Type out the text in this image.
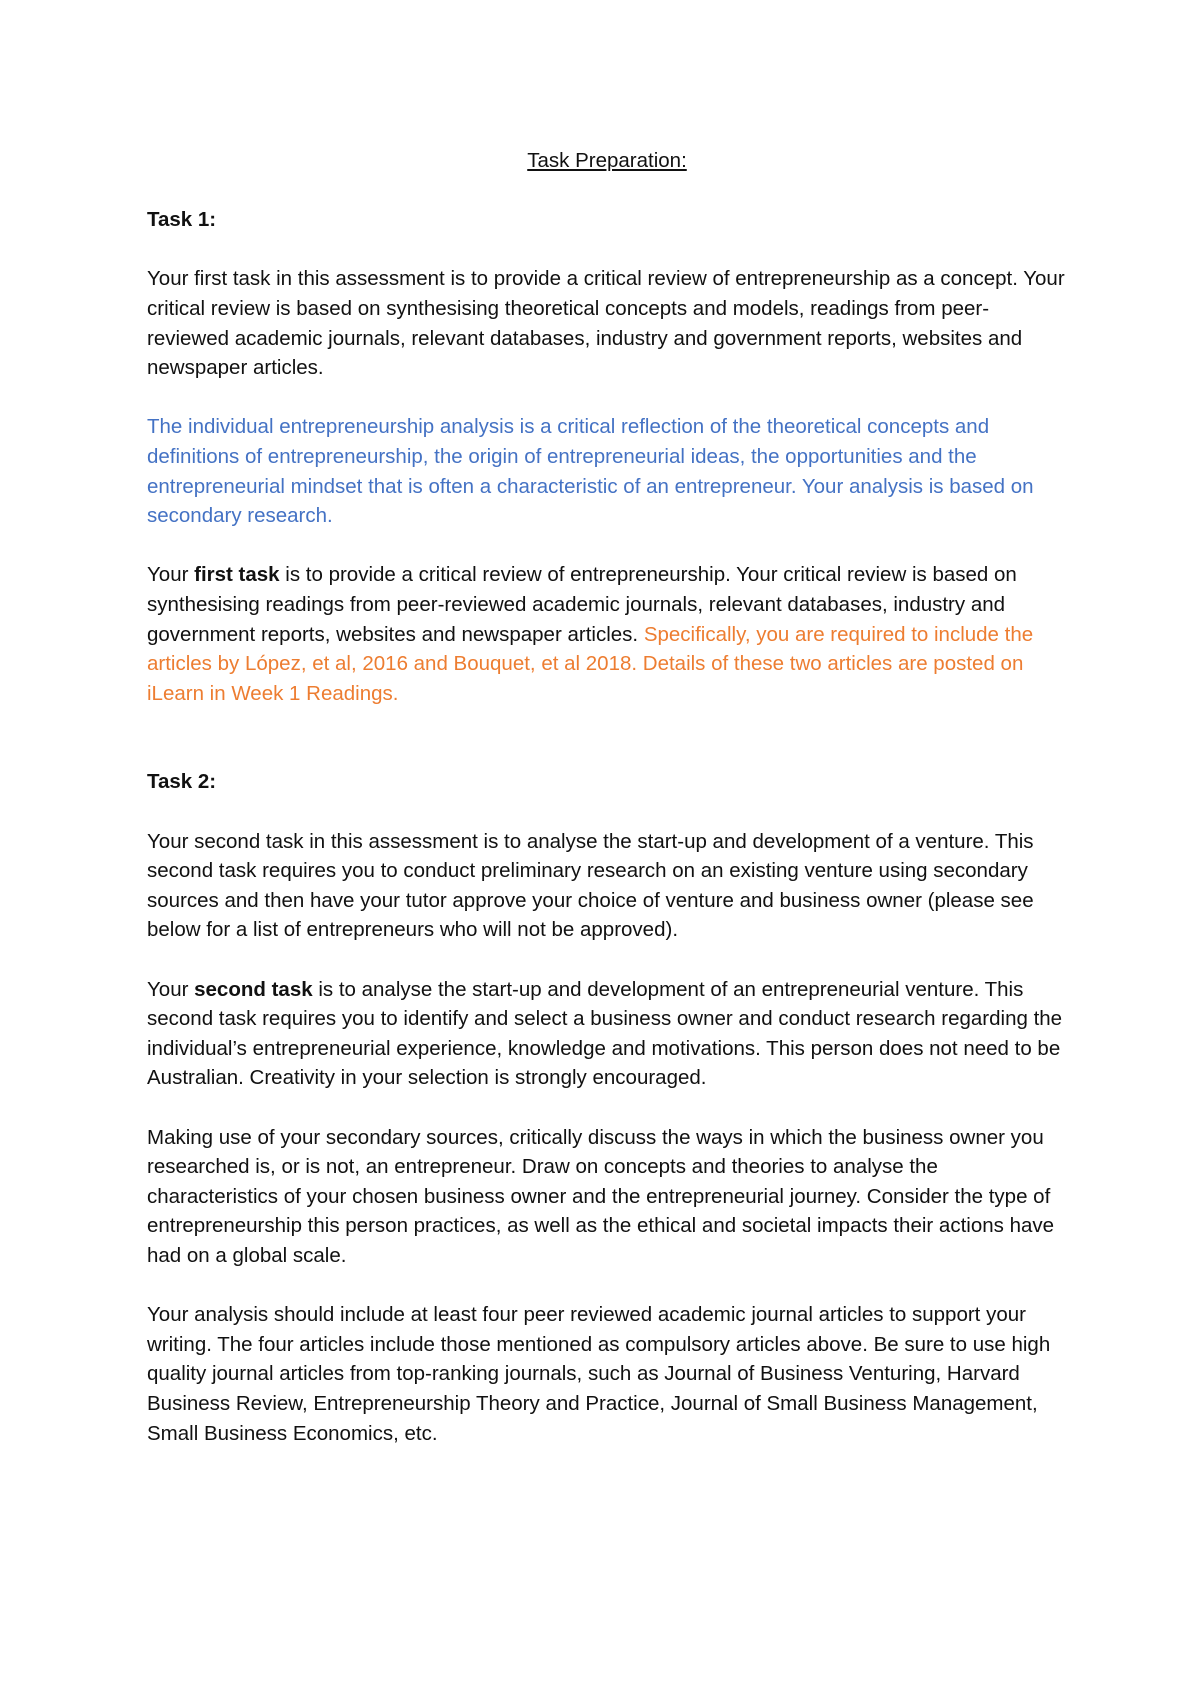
Task Preparation:
Task 1:

Your first task in this assessment is to provide a critical review of entrepreneurship as a concept. Your critical review is based on synthesising theoretical concepts and models, readings from peer-reviewed academic journals, relevant databases, industry and government reports, websites and newspaper articles.

The individual entrepreneurship analysis is a critical reflection of the theoretical concepts and definitions of entrepreneurship, the origin of entrepreneurial ideas, the opportunities and the entrepreneurial mindset that is often a characteristic of an entrepreneur. Your analysis is based on secondary research.

Your first task is to provide a critical review of entrepreneurship. Your critical review is based on synthesising readings from peer-reviewed academic journals, relevant databases, industry and government reports, websites and newspaper articles. Specifically, you are required to include the articles by López, et al, 2016 and Bouquet, et al 2018. Details of these two articles are posted on iLearn in Week 1 Readings.

Task 2:

Your second task in this assessment is to analyse the start-up and development of a venture. This second task requires you to conduct preliminary research on an existing venture using secondary sources and then have your tutor approve your choice of venture and business owner (please see below for a list of entrepreneurs who will not be approved).

Your second task is to analyse the start-up and development of an entrepreneurial venture. This second task requires you to identify and select a business owner and conduct research regarding the individual’s entrepreneurial experience, knowledge and motivations. This person does not need to be Australian. Creativity in your selection is strongly encouraged.

Making use of your secondary sources, critically discuss the ways in which the business owner you researched is, or is not, an entrepreneur. Draw on concepts and theories to analyse the characteristics of your chosen business owner and the entrepreneurial journey. Consider the type of entrepreneurship this person practices, as well as the ethical and societal impacts their actions have had on a global scale.

Your analysis should include at least four peer reviewed academic journal articles to support your writing. The four articles include those mentioned as compulsory articles above. Be sure to use high quality journal articles from top-ranking journals, such as Journal of Business Venturing, Harvard Business Review, Entrepreneurship Theory and Practice, Journal of Small Business Management, Small Business Economics, etc.
